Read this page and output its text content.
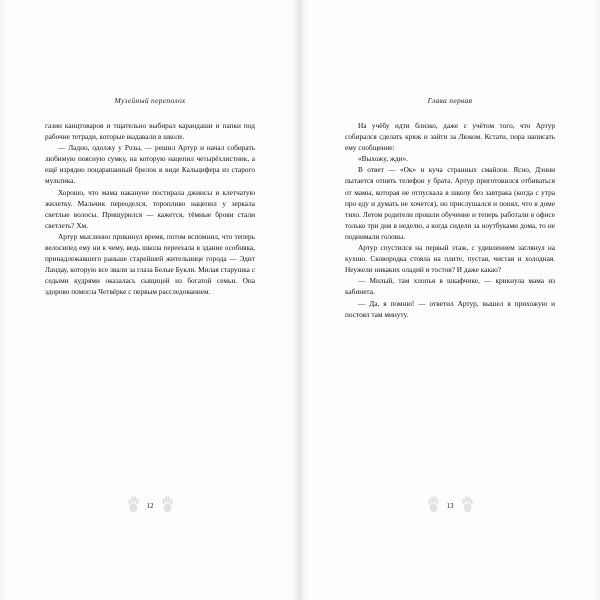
Музейный переполох

газин канцтоваров и тщательно выбирал карандаши и папки под рабочие тетради, которые выдавали в школе.

— Ладно, одолжу у Розы, — решил Артур и начал собирать любимую поясную сумку, на которую нацепил четырёхлистник, а ещё изрядно поцарапанный брелок в виде Кальцифера из старого мультика.

Хорошо, что мама накануне постирала джинсы и клетчатую жилетку. Мальчик переоделся, торопливо нацепил у зеркала светлые волосы. Прищурился — кажется, тёмные брови стали светлеть? Хм.

Артур мысленно прикинул время, потом вспомнил, что теперь велосипед ему ни к чему, ведь школа переехала в здание особняка, принадлежавшего раньше старейшей жительнице города — Эдит Ландау, которую все звали за глаза Белые Букли. Милая старушка с седыми кудрями оказалась сыщицей из богатой семьи. Она здорово помогла Четвёрке с первым расследованием.

12
Глава первая

На учёбу идти близко, даже с учётом того, что Артур собирался сделать крюк и зайти за Люком. Кстати, пора написать ему сообщение:

«Выхожу, жди».

В ответ — «Ок» и куча странных смайлов. Ясно, Дэнни пытается отнять телефон у брата. Артур приготовился отбиваться от мамы, которая не отпускала в школу без завтрака (когда с утра про еду и думать не хочется), но прислушался и понял, что в доме тихо. Летом родители прошли обучение и теперь работали в офисе только три дня в неделю, а когда сидели за ноутбуками дома, то не поднимали головы.

Артур спустился на первый этаж, с удивлением заглянул на кухню. Сковородка стояла на плите, пустая, чистая и холодная. Неужели никаких оладий и тостов? И даже какао?

— Милый, там хлопья в шкафчике, — крикнула мама из кабинета.

— Да, я помню! — ответил Артур, вышел в прихожую и постоял там минуту.

13
